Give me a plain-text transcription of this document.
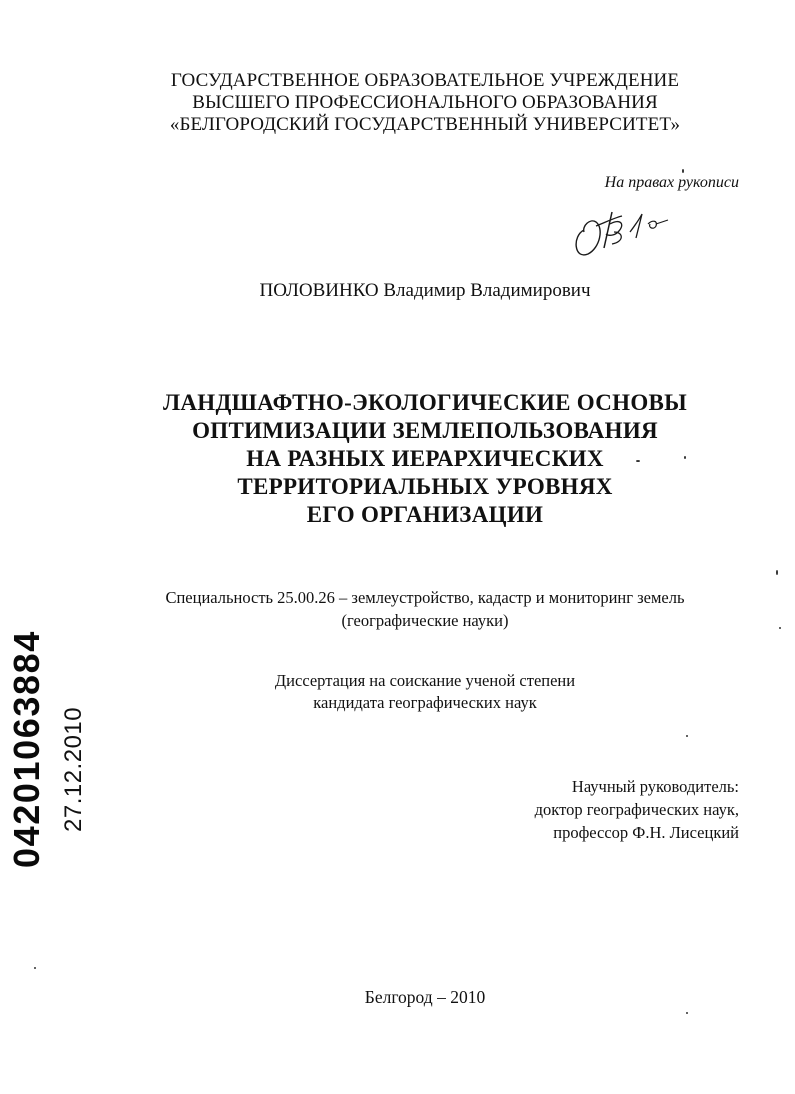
ГОСУДАРСТВЕННОЕ ОБРАЗОВАТЕЛЬНОЕ УЧРЕЖДЕНИЕ
ВЫСШЕГО ПРОФЕССИОНАЛЬНОГО ОБРАЗОВАНИЯ
«БЕЛГОРОДСКИЙ ГОСУДАРСТВЕННЫЙ УНИВЕРСИТЕТ»
На правах рукописи
ПОЛОВИНКО Владимир Владимирович
ЛАНДШАФТНО-ЭКОЛОГИЧЕСКИЕ ОСНОВЫ
ОПТИМИЗАЦИИ ЗЕМЛЕПОЛЬЗОВАНИЯ
НА РАЗНЫХ ИЕРАРХИЧЕСКИХ
ТЕРРИТОРИАЛЬНЫХ УРОВНЯХ
ЕГО ОРГАНИЗАЦИИ
Специальность 25.00.26 – землеустройство, кадастр и мониторинг земель
(географические науки)
Диссертация на соискание ученой степени
кандидата географических наук
Научный руководитель:
доктор географических наук,
профессор Ф.Н. Лисецкий
Белгород – 2010
04201063884 27.12.2010
